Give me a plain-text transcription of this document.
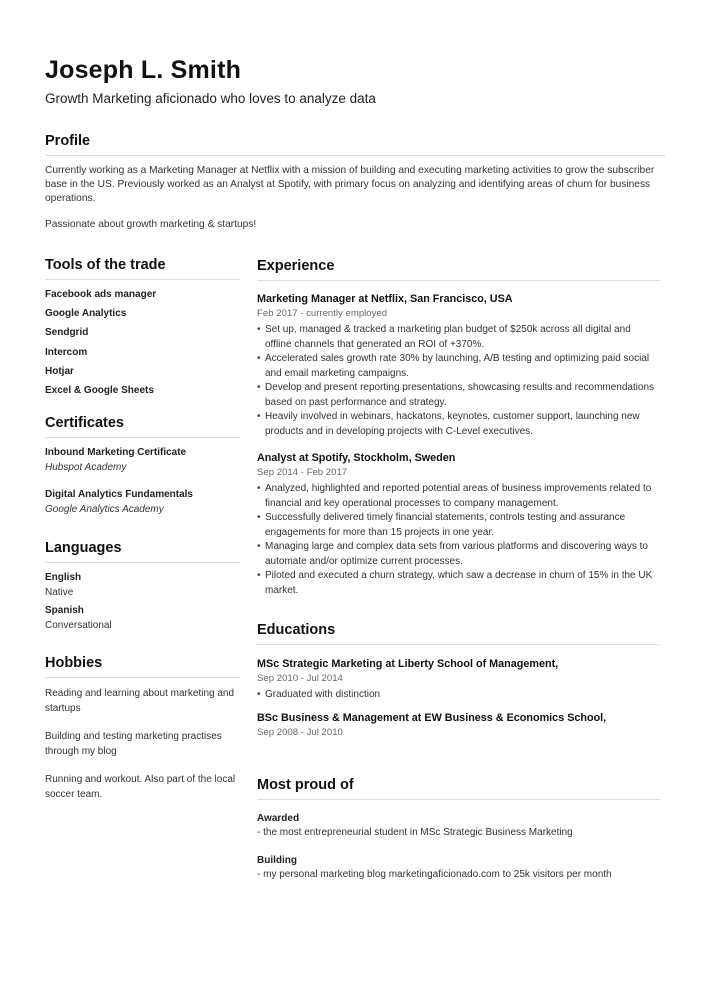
Joseph L. Smith
Growth Marketing aficionado who loves to analyze data
Profile

Currently working as a Marketing Manager at Netflix with a mission of building and executing marketing activities to grow the subscriber base in the US. Previously worked as an Analyst at Spotify, with primary focus on analyzing and identifying areas of churn for business operations.

Passionate about growth marketing & startups!

Tools of the trade
Facebook ads manager
Google Analytics
Sendgrid
Intercom
Hotjar
Excel & Google Sheets
Certificates
Inbound Marketing Certificate
Hubspot Academy
Digital Analytics Fundamentals
Google Analytics Academy
Languages
English
Native
Spanish
Conversational
Hobbies
Reading and learning about marketing and startups
Building and testing marketing practises through my blog
Running and workout. Also part of the local soccer team.
Experience
Marketing Manager at Netflix, San Francisco, USA
Feb 2017 - currently employed
• Set up, managed & tracked a marketing plan budget of $250k across all digital and offline channels that generated an ROI of +370%.
• Accelerated sales growth rate 30% by launching, A/B testing and optimizing paid social and email marketing campaigns.
• Develop and present reporting presentations, showcasing results and recommendations based on past performance and strategy.
• Heavily involved in webinars, hackatons, keynotes, customer support, launching new products and in developing projects with C-Level executives.
Analyst at Spotify, Stockholm, Sweden
Sep 2014 - Feb 2017
• Analyzed, highlighted and reported potential areas of business improvements related to financial and key operational processes to company management.
• Successfully delivered timely financial statements, controls testing and assurance engagements for more than 15 projects in one year.
• Managing large and complex data sets from various platforms and discovering ways to automate and/or optimize current processes.
• Piloted and executed a churn strategy, which saw a decrease in churn of 15% in the UK market.
Educations
MSc Strategic Marketing at Liberty School of Management,
Sep 2010 - Jul 2014
• Graduated with distinction
BSc Business & Management at EW Business & Economics School,
Sep 2008 - Jul 2010
Most proud of
Awarded
- the most entrepreneurial student in MSc Strategic Business Marketing
Building
- my personal marketing blog marketingaficionado.com to 25k visitors per month
